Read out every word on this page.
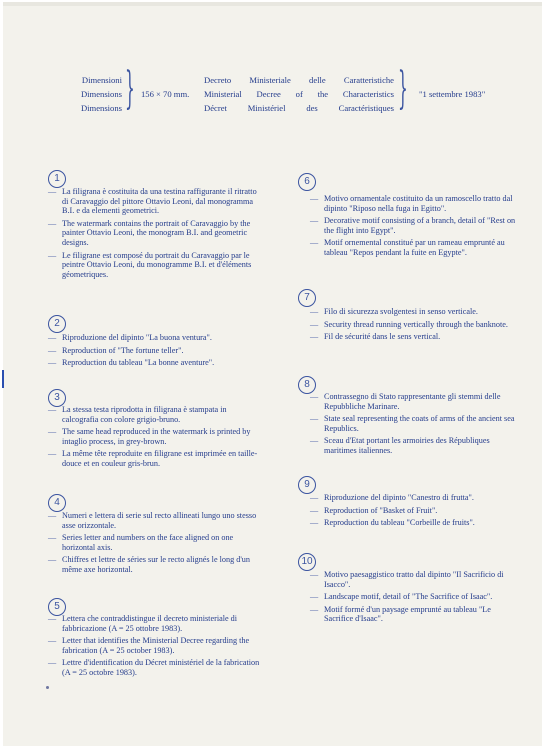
Dimensioni
Dimensions
Dimensions } 156 × 70 mm.
Decreto Ministeriale delle Caratteristiche
Ministerial Decree of the Characteristics
Décret Ministériel des Caractéristiques } "1 settembre 1983"
1
— La filigrana è costituita da una testina raffigurante il ritratto di Caravaggio del pittore Ottavio Leoni, dal monogramma B.I. e da elementi geometrici.
— The watermark contains the portrait of Caravaggio by the painter Ottavio Leoni, the monogram B.I. and geometric designs.
— Le filigrane est composé du portrait du Caravaggio par le peintre Ottavio Leoni, du monogramme B.I. et d'éléments géometriques.
2
— Riproduzione del dipinto "La buona ventura".
— Reproduction of "The fortune teller".
— Reproduction du tableau "La bonne aventure".
3
— La stessa testa riprodotta in filigrana è stampata in calcografia con colore grigio-bruno.
— The same head reproduced in the watermark is printed by intaglio process, in grey-brown.
— La même tête reproduite en filigrane est imprimée en taille-douce et en couleur gris-brun.
4
— Numeri e lettera di serie sul recto allineati lungo uno stesso asse orizzontale.
— Series letter and numbers on the face aligned on one horizontal axis.
— Chiffres et lettre de séries sur le recto alignés le long d'un même axe horizontal.
5
— Lettera che contraddistingue il decreto ministeriale di fabbricazione (A = 25 ottobre 1983).
— Letter that identifies the Ministerial Decree regarding the fabrication (A = 25 october 1983).
— Lettre d'identification du Décret ministériel de la fabrication (A = 25 octobre 1983).
6
— Motivo ornamentale costituito da un ramoscello tratto dal dipinto "Riposo nella fuga in Egitto".
— Decorative motif consisting of a branch, detail of "Rest on the flight into Egypt".
— Motif ornemental constitué par un rameau emprunté au tableau "Repos pendant la fuite en Egypte".
7
— Filo di sicurezza svolgentesi in senso verticale.
— Security thread running vertically through the banknote.
— Fil de sécurité dans le sens vertical.
8
— Contrassegno di Stato rappresentante gli stemmi delle Repubbliche Marinare.
— State seal representing the coats of arms of the ancient sea Republics.
— Sceau d'Etat portant les armoiries des Républiques maritimes italiennes.
9
— Riproduzione del dipinto "Canestro di frutta".
— Reproduction of "Basket of Fruit".
— Reproduction du tableau "Corbeille de fruits".
10
— Motivo paesaggistico tratto dal dipinto "Il Sacrificio di Isacco".
— Landscape motif, detail of "The Sacrifice of Isaac".
— Motif formé d'un paysage emprunté au tableau "Le Sacrifice d'Isaac".
